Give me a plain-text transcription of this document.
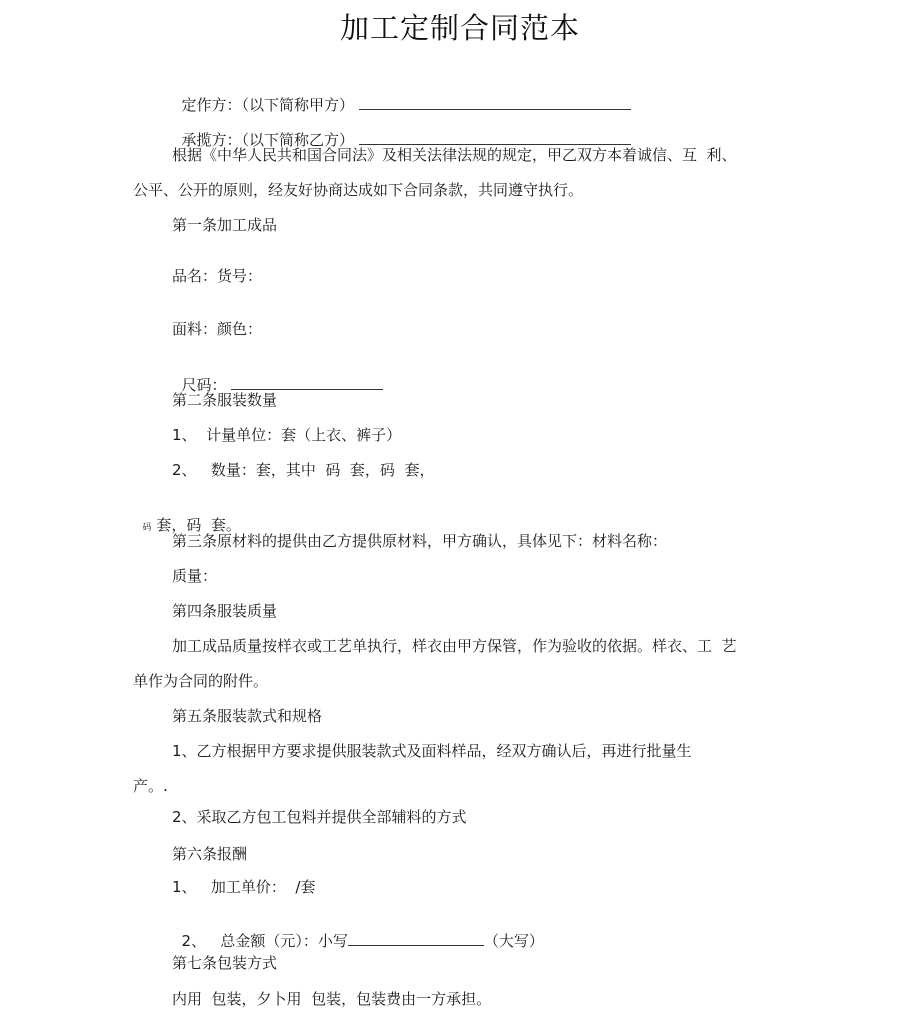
加工定制合同范本

定作方：（以下简称甲方）

承揽方：（以下简称乙方）

根据《中华人民共和国合同法》及相关法律法规的规定，甲乙双方本着诚信、互  利、
公平、公开的原则，经友好协商达成如下合同条款，共同遵守执行。
第一条加工成品
品名：货号：
面料：颜色：

尺码：

第二条服装数量
1、  计量单位：套（上衣、裤子）
2、   数量：套，其中  码  套，码  套，

码 套，码  套。

第三条原材料的提供由乙方提供原材料，甲方确认，具体见下：材料名称：
质量：
第四条服装质量
加工成品质量按样衣或工艺单执行，样衣由甲方保管，作为验收的依据。样衣、工  艺
单作为合同的附件。
第五条服装款式和规格
1、乙方根据甲方要求提供服装款式及面料样品，经双方确认后，再进行批量生
产。.
2、采取乙方包工包料并提供全部辅料的方式
第六条报酬
1、   加工单价：  /套

2、   总金额（元）：小写	（大写）

第七条包装方式
内用  包装，夕卜用  包装，包装费由一方承担。
